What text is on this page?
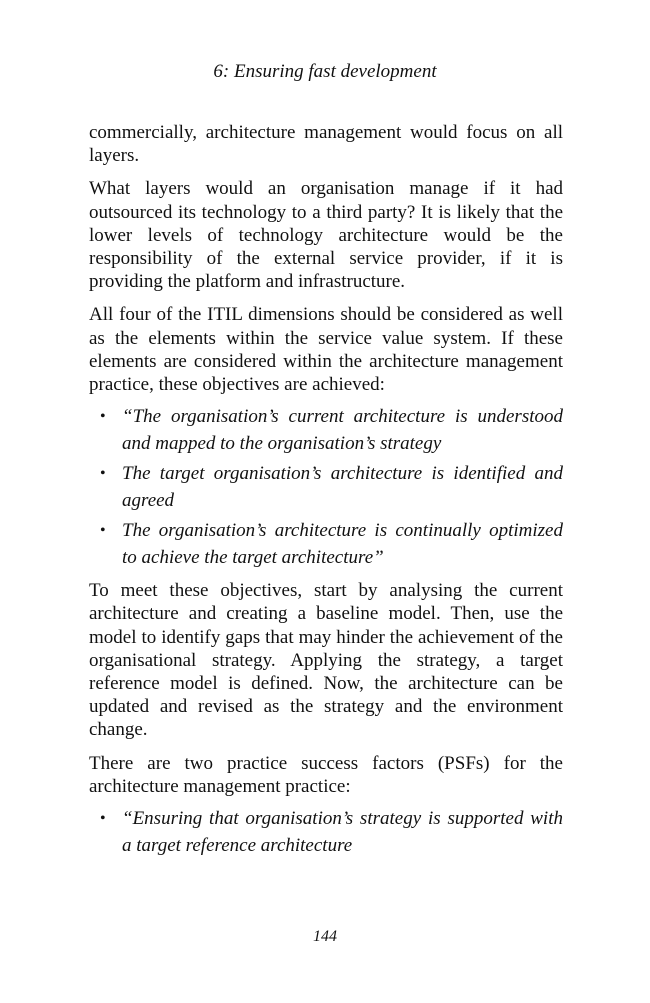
6: Ensuring fast development

commercially, architecture management would focus on all layers.

What layers would an organisation manage if it had outsourced its technology to a third party? It is likely that the lower levels of technology architecture would be the responsibility of the external service provider, if it is providing the platform and infrastructure.

All four of the ITIL dimensions should be considered as well as the elements within the service value system. If these elements are considered within the architecture management practice, these objectives are achieved:

• “The organisation’s current architecture is understood and mapped to the organisation’s strategy
• The target organisation’s architecture is identified and agreed
• The organisation’s architecture is continually optimized to achieve the target architecture”

To meet these objectives, start by analysing the current architecture and creating a baseline model. Then, use the model to identify gaps that may hinder the achievement of the organisational strategy. Applying the strategy, a target reference model is defined. Now, the architecture can be updated and revised as the strategy and the environment change.

There are two practice success factors (PSFs) for the architecture management practice:

• “Ensuring that organisation’s strategy is supported with a target reference architecture
144
